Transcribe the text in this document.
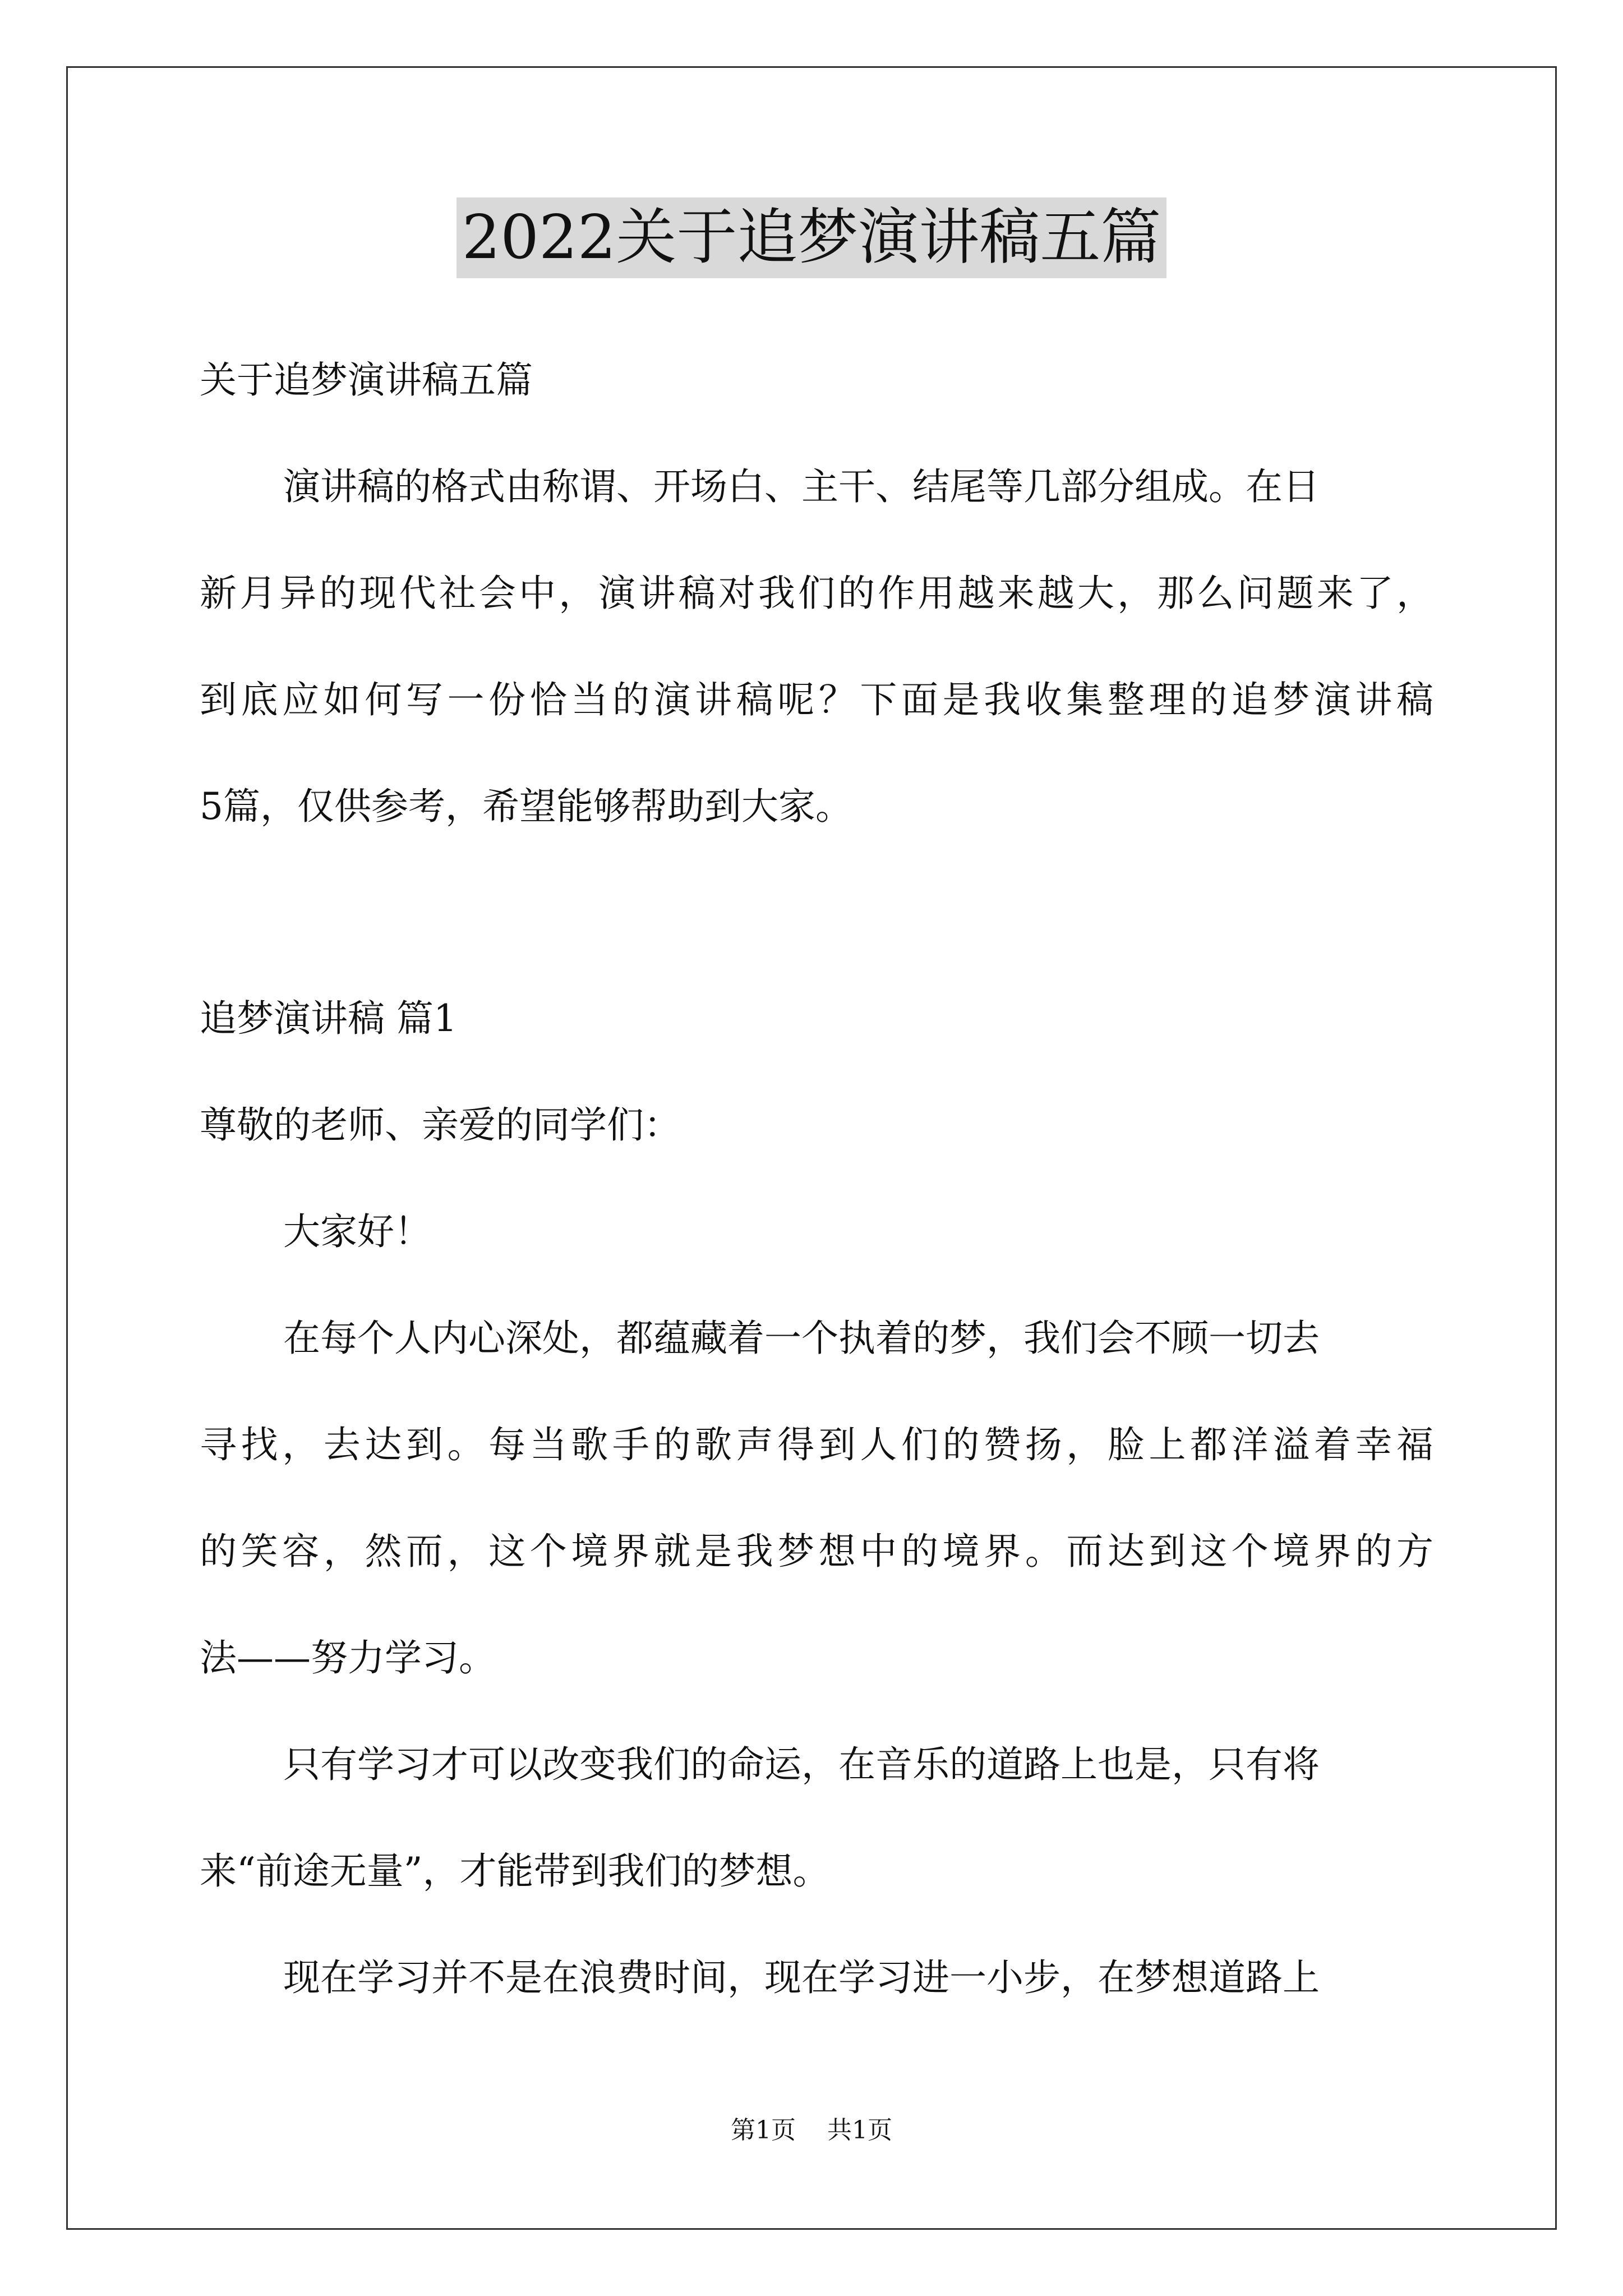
2022关于追梦演讲稿五篇
关于追梦演讲稿五篇
演讲稿的格式由称谓、开场白、主干、结尾等几部分组成。在日
新月异的现代社会中，演讲稿对我们的作用越来越大，那么问题来了，
到底应如何写一份恰当的演讲稿呢？下面是我收集整理的追梦演讲稿
5篇，仅供参考，希望能够帮助到大家。
追梦演讲稿 篇1
尊敬的老师、亲爱的同学们：
大家好！
在每个人内心深处，都蕴藏着一个执着的梦，我们会不顾一切去
寻找，去达到。每当歌手的歌声得到人们的赞扬，脸上都洋溢着幸福
的笑容，然而，这个境界就是我梦想中的境界。而达到这个境界的方
法——努力学习。
只有学习才可以改变我们的命运，在音乐的道路上也是，只有将
来“前途无量”，才能带到我们的梦想。
现在学习并不是在浪费时间，现在学习进一小步，在梦想道路上
第1页 共1页
